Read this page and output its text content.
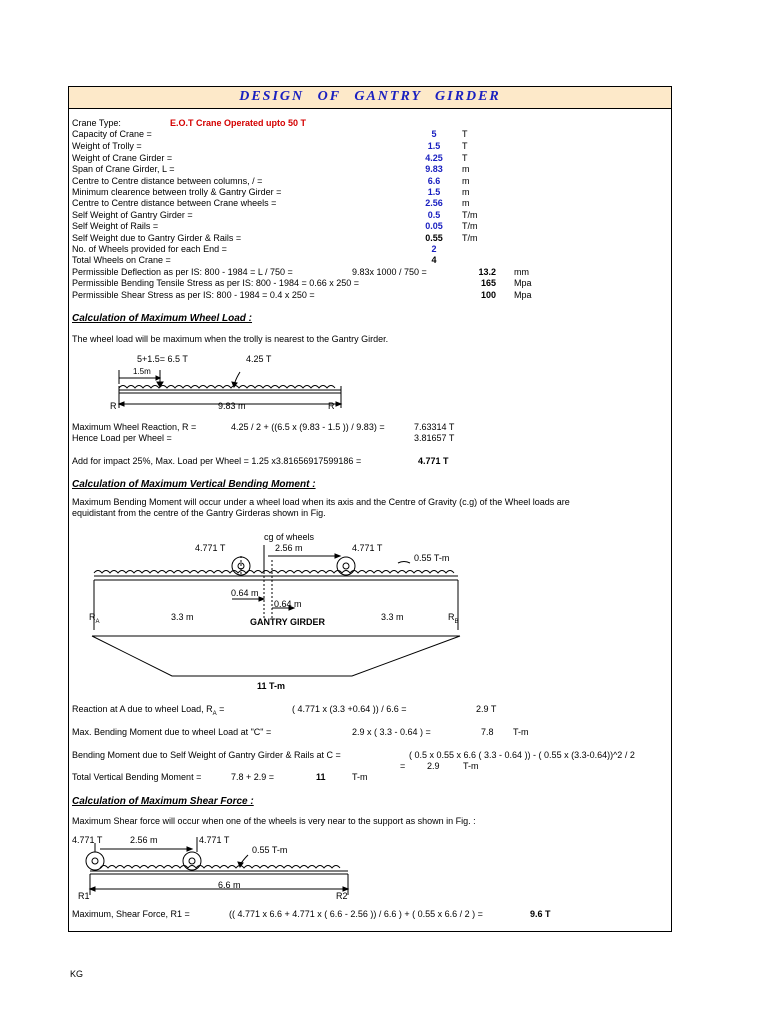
DESIGN OF GANTRY GIRDER
Crane Type:	E.O.T Crane Operated upto 50 T
Capacity of Crane =	5	T
Weight of Trolly =	1.5	T
Weight of Crane Girder =	4.25	T
Span of Crane Girder, L =	9.83	m
Centre to Centre distance between columns, / =	6.6	m
Minimum clearence between trolly & Gantry Girder =	1.5	m
Centre to Centre distance between Crane wheels =	2.56	m
Self Weight of Gantry Girder =	0.5	T/m
Self Weight of Rails =	0.05	T/m
Self Weight due to Gantry Girder & Rails =	0.55	T/m
No. of Wheels provided for each End =	2
Total Wheels on Crane =	4
Permissible Deflection as per IS: 800 - 1984 = L / 750 =	9.83x 1000 / 750 =	13.2 mm
Permissible Bending Tensile Stress as per IS: 800 - 1984 = 0.66 x 250 =	165 Mpa
Permissible Shear Stress as per IS: 800 - 1984 = 0.4 x 250 =	100 Mpa
Calculation of Maximum Wheel Load :
The wheel load will be maximum when the trolly is nearest to the Gantry Girder.
5+1.5= 6.5 T	4.25 T
1.5m
R	9.83 m	R
Maximum Wheel Reaction, R =	4.25 / 2 + ((6.5 x (9.83 - 1.5 )) / 9.83) =	7.63314 T
Hence Load per Wheel =	3.81657 T
Add for impact 25%, Max. Load per Wheel = 1.25 x3.81656917599186 =	4.771 T
Calculation of Maximum Vertical Bending Moment :
Maximum Bending Moment will occur under a wheel load when its axis and the Centre of Gravity (c.g) of the Wheel loads are
equidistant from the centre of the Gantry Girderas shown in Fig.
cg of wheels
4.771 T	2.56 m	4.771 T
0.55 T-m
0.64 m
0.64 m
$R_A$	3.3 m	GANTRY GIRDER	3.3 m	$R_B$
11 T-m
Reaction at A due to wheel Load, $R_A$ =	( 4.771 x (3.3 +0.64 )) / 6.6 =	2.9 T
Max. Bending Moment due to wheel Load at "C" =	2.9 x ( 3.3 - 0.64 ) =	7.8 T-m
Bending Moment due to Self Weight of Gantry Girder & Rails at C =	( 0.5 x 0.55 x 6.6 ( 3.3 - 0.64 )) - ( 0.55 x (3.3-0.64))^2 / 2
= 2.9	T-m
Total Vertical Bending Moment =	7.8 + 2.9 =	11	T-m
Calculation of Maximum Shear Force :
Maximum Shear force will occur when one of the wheels is very near to the support as shown in Fig. :
4.771 T	2.56 m	4.771 T
0.55 T-m
6.6 m
R1	R2
Maximum, Shear Force, R1 =	(( 4.771 x 6.6 + 4.771 x ( 6.6 - 2.56 )) / 6.6 ) + ( 0.55 x 6.6 / 2 ) =	9.6 T
KG
